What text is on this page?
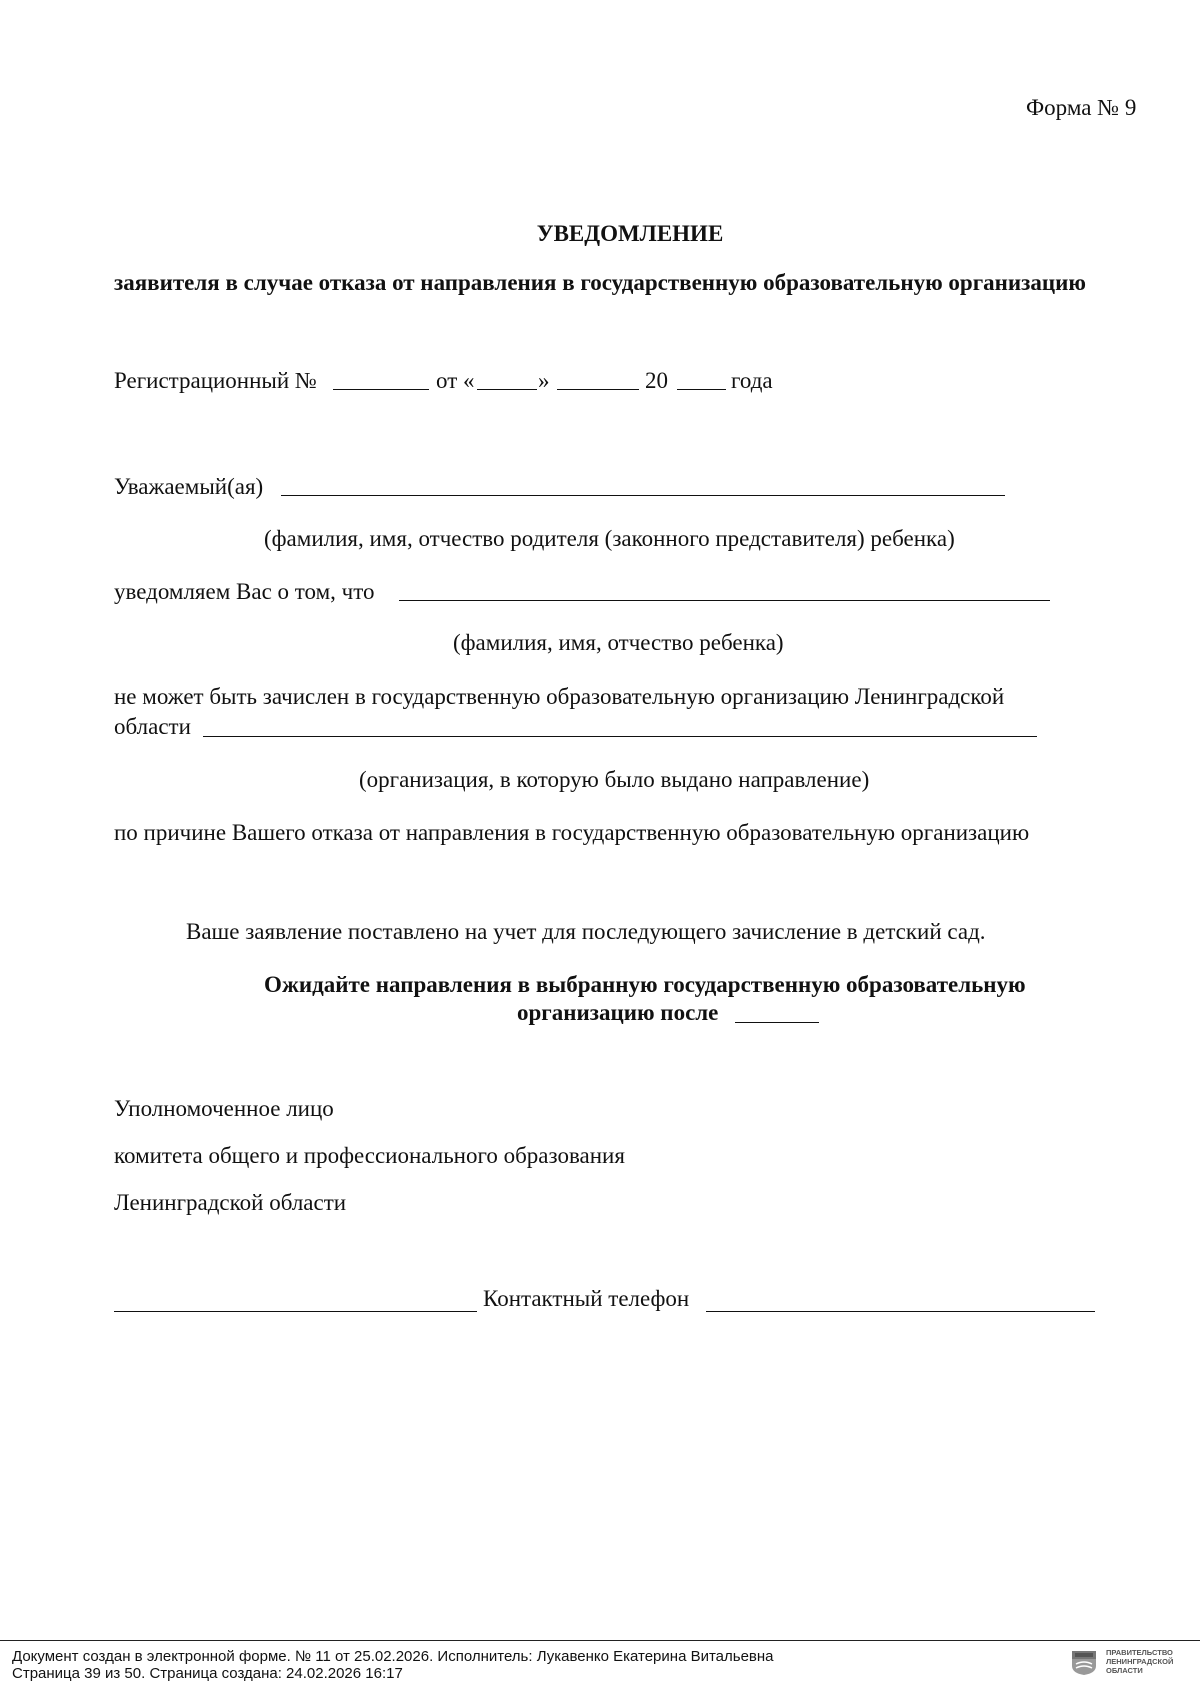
Форма № 9
УВЕДОМЛЕНИЕ
заявителя в случае отказа от направления в государственную образовательную организацию
Регистрационный №	от «	»	20	года
Уважаемый(ая)
(фамилия, имя, отчество родителя (законного представителя) ребенка)
уведомляем Вас о том, что
(фамилия, имя, отчество ребенка)
не может быть зачислен в государственную образовательную организацию Ленинградской
области
(организация, в которую было выдано направление)
по причине Вашего отказа от направления в государственную образовательную организацию
Ваше заявление поставлено на учет для последующего зачисление в детский сад.
Ожидайте направления в выбранную государственную образовательную
организацию после
Уполномоченное лицо
комитета общего и профессионального образования
Ленинградской области
Контактный телефон
Документ создан в электронной форме. № 11 от 25.02.2026. Исполнитель: Лукавенко Екатерина Витальевна
Страница 39 из 50. Страница создана: 24.02.2026 16:17
ПРАВИТЕЛЬСТВО
ЛЕНИНГРАДСКОЙ
ОБЛАСТИ
